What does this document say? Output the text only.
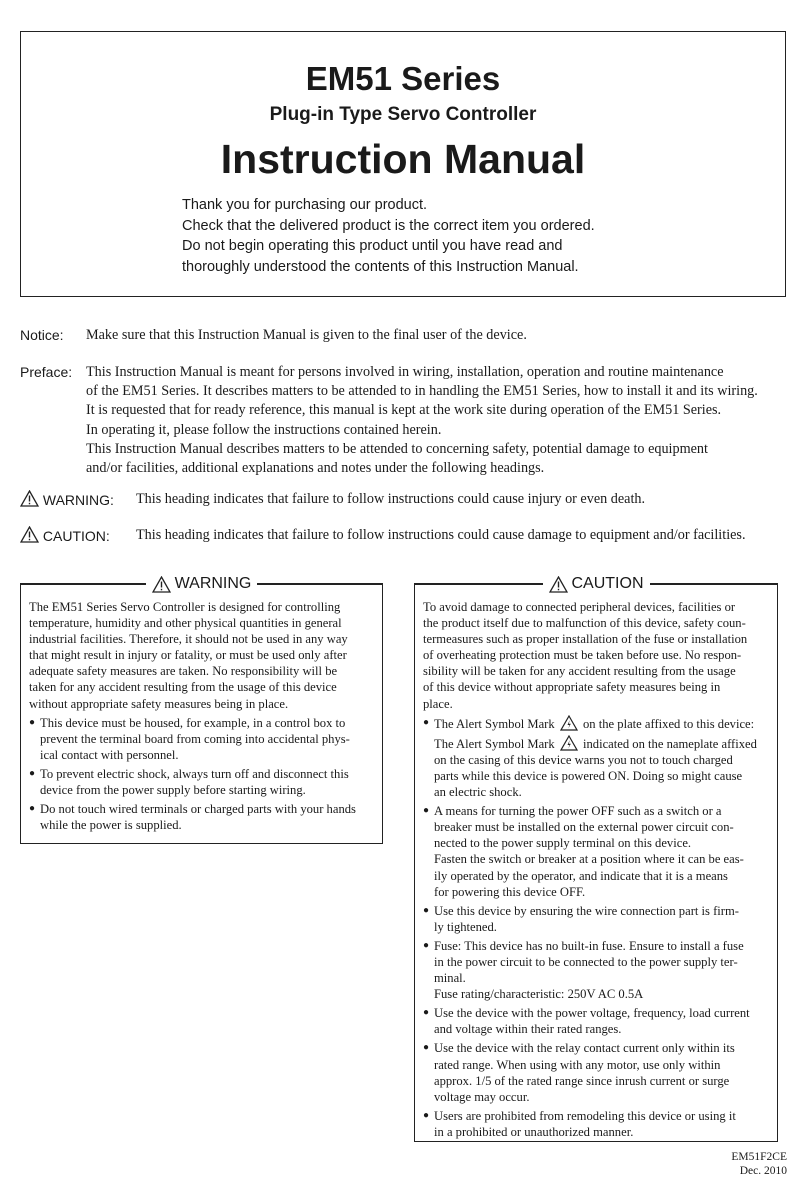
EM51 Series
Plug-in Type Servo Controller
Instruction Manual
Thank you for purchasing our product.
Check that the delivered product is the correct item you ordered.
Do not begin operating this product until you have read and
thoroughly understood the contents of this Instruction Manual.
Notice: Make sure that this Instruction Manual is given to the final user of the device.
Preface: This Instruction Manual is meant for persons involved in wiring, installation, operation and routine maintenance
of the EM51 Series. It describes matters to be attended to in handling the EM51 Series, how to install it and its wiring.
It is requested that for ready reference, this manual is kept at the work site during operation of the EM51 Series.
In operating it, please follow the instructions contained herein.
This Instruction Manual describes matters to be attended to concerning safety, potential damage to equipment
and/or facilities, additional explanations and notes under the following headings.
WARNING: This heading indicates that failure to follow instructions could cause injury or even death.
CAUTION: This heading indicates that failure to follow instructions could cause damage to equipment and/or facilities.
WARNING
The EM51 Series Servo Controller is designed for controlling
temperature, humidity and other physical quantities in general
industrial facilities. Therefore, it should not be used in any way
that might result in injury or fatality, or must be used only after
adequate safety measures are taken. No responsibility will be
taken for any accident resulting from the usage of this device
without appropriate safety measures being in place.
● This device must be housed, for example, in a control box to
prevent the terminal board from coming into accidental phys-
ical contact with personnel.
● To prevent electric shock, always turn off and disconnect this
device from the power supply before starting wiring.
● Do not touch wired terminals or charged parts with your hands
while the power is supplied.
CAUTION
To avoid damage to connected peripheral devices, facilities or
the product itself due to malfunction of this device, safety coun-
termeasures such as proper installation of the fuse or installation
of overheating protection must be taken before use. No respon-
sibility will be taken for any accident resulting from the usage
of this device without appropriate safety measures being in
place.
● The Alert Symbol Mark on the plate affixed to this device:
The Alert Symbol Mark indicated on the nameplate affixed
on the casing of this device warns you not to touch charged
parts while this device is powered ON. Doing so might cause
an electric shock.
● A means for turning the power OFF such as a switch or a
breaker must be installed on the external power circuit con-
nected to the power supply terminal on this device.
Fasten the switch or breaker at a position where it can be eas-
ily operated by the operator, and indicate that it is a means
for powering this device OFF.
● Use this device by ensuring the wire connection part is firm-
ly tightened.
● Fuse: This device has no built-in fuse. Ensure to install a fuse
in the power circuit to be connected to the power supply ter-
minal.
Fuse rating/characteristic: 250V AC 0.5A
● Use the device with the power voltage, frequency, load current
and voltage within their rated ranges.
● Use the device with the relay contact current only within its
rated range. When using with any motor, use only within
approx. 1/5 of the rated range since inrush current or surge
voltage may occur.
● Users are prohibited from remodeling this device or using it
in a prohibited or unauthorized manner.
EM51F2CE
Dec. 2010
